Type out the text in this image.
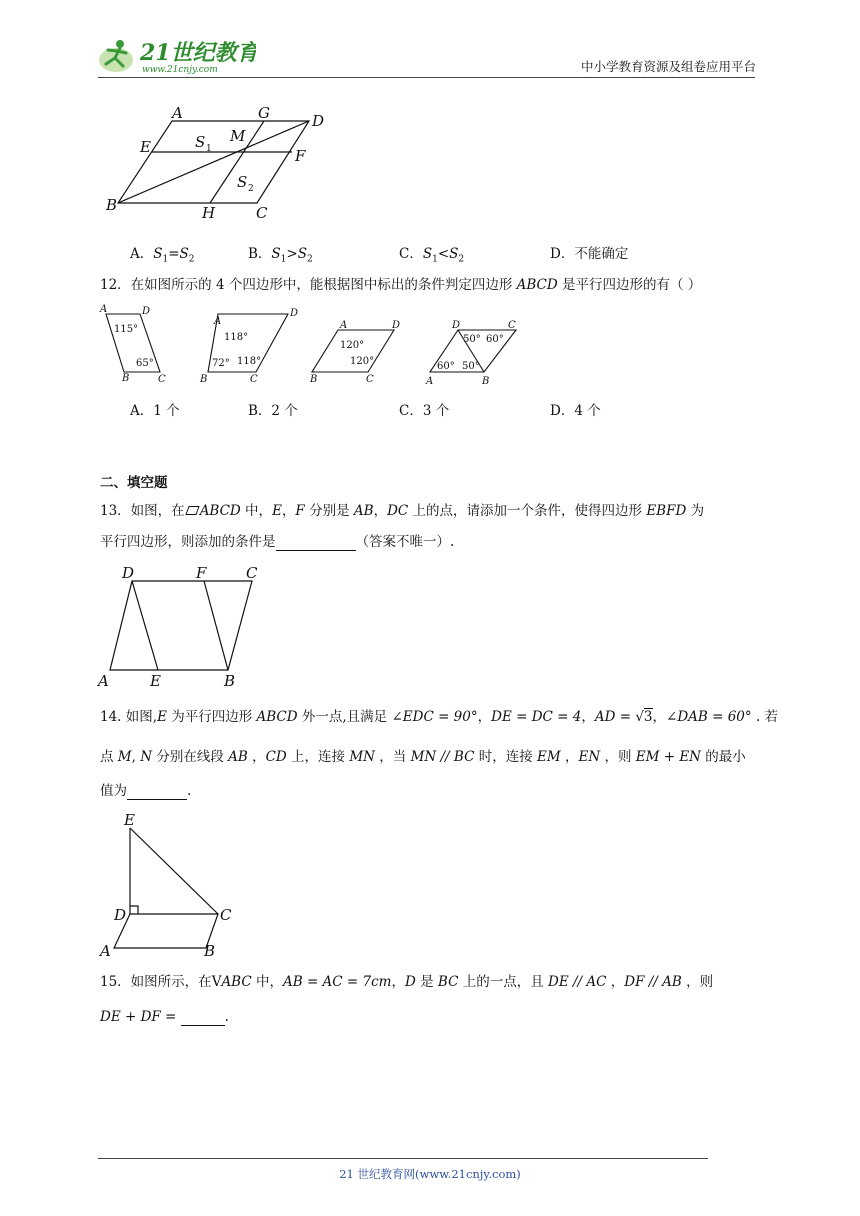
21世纪教育
www.21cnjy.com	中小学教育资源及组卷应用平台
A	G	D
E	S 1
M
F
S 2
B	H	C
A．$S_1=S_2$	B．$S_1>S_2$	C．$S_1<S_2$	D．不能确定
12．在如图所示的 4 个四边形中，能根据图中标出的条件判定四边形 ABCD 是平行四边形的有（ ）
A	D
B	C
A
D
B	C
A	D
B	C
D	C
A	B
115°
65°
118°
72° 118°
120°
120°
50° 60°
60° 50°
A．1 个	B．2 个	C．3 个	D．4 个
二、填空题
13．如图，在 ABCD 中，E，F 分别是 AB，DC 上的点，请添加一个条件，使得四边形 EBFD 为
平行四边形，则添加的条件是	（答案不唯一）.
D	F	C
A	E	B
14. 如图,E 为平行四边形 ABCD 外一点,且满足 ∠EDC = 90°，DE = DC = 4，AD = √3，∠DAB = 60° . 若
点 M, N 分别在线段 AB ，CD 上，连接 MN ，当 MN // BC 时，连接 EM ，EN ，则 EM + EN 的最小
值为	.
E
D	C
A	B
15．如图所示，在VABC 中，AB = AC = 7cm，D 是 BC 上的一点，且 DE // AC ，DF // AB ，则
DE + DF =	.
21 世纪教育网(www.21cnjy.com)
